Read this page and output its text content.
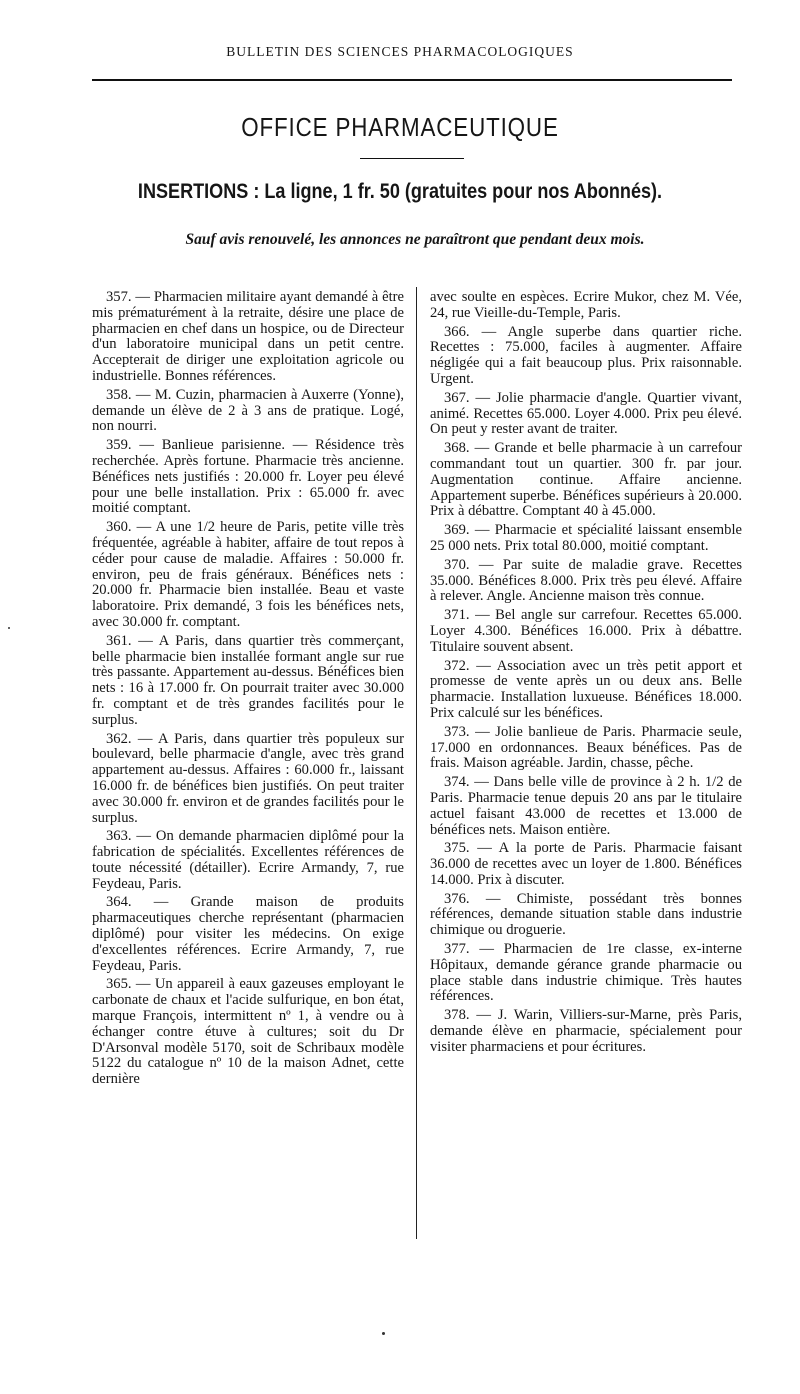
BULLETIN DES SCIENCES PHARMACOLOGIQUES
OFFICE PHARMACEUTIQUE
INSERTIONS : La ligne, 1 fr. 50 (gratuites pour nos Abonnés).
Sauf avis renouvelé, les annonces ne paraîtront que pendant deux mois.

357. — Pharmacien militaire ayant demandé à être mis prématurément à la retraite, désire une place de pharmacien en chef dans un hospice, ou de Directeur d'un laboratoire municipal dans un petit centre. Accepterait de diriger une exploitation agricole ou industrielle. Bonnes références.

358. — M. Cuzin, pharmacien à Auxerre (Yonne), demande un élève de 2 à 3 ans de pratique. Logé, non nourri.

359. — Banlieue parisienne. — Résidence très recherchée. Après fortune. Pharmacie très ancienne. Bénéfices nets justifiés : 20.000 fr. Loyer peu élevé pour une belle installation. Prix : 65.000 fr. avec moitié comptant.

360. — A une 1/2 heure de Paris, petite ville très fréquentée, agréable à habiter, affaire de tout repos à céder pour cause de maladie. Affaires : 50.000 fr. environ, peu de frais généraux. Bénéfices nets : 20.000 fr. Pharmacie bien installée. Beau et vaste laboratoire. Prix demandé, 3 fois les bénéfices nets, avec 30.000 fr. comptant.

361. — A Paris, dans quartier très commerçant, belle pharmacie bien installée formant angle sur rue très passante. Appartement au-dessus. Bénéfices bien nets : 16 à 17.000 fr. On pourrait traiter avec 30.000 fr. comptant et de très grandes facilités pour le surplus.

362. — A Paris, dans quartier très populeux sur boulevard, belle pharmacie d'angle, avec très grand appartement au-dessus. Affaires : 60.000 fr., laissant 16.000 fr. de bénéfices bien justifiés. On peut traiter avec 30.000 fr. environ et de grandes facilités pour le surplus.

363. — On demande pharmacien diplômé pour la fabrication de spécialités. Excellentes références de toute nécessité (détailler). Ecrire Armandy, 7, rue Feydeau, Paris.

364. — Grande maison de produits pharmaceutiques cherche représentant (pharmacien diplômé) pour visiter les médecins. On exige d'excellentes références. Ecrire Armandy, 7, rue Feydeau, Paris.

365. — Un appareil à eaux gazeuses employant le carbonate de chaux et l'acide sulfurique, en bon état, marque François, intermittent nº 1, à vendre ou à échanger contre étuve à cultures; soit du Dr D'Arsonval modèle 5170, soit de Schribaux modèle 5122 du catalogue nº 10 de la maison Adnet, cette dernière

avec soulte en espèces. Ecrire Mukor, chez M. Vée, 24, rue Vieille-du-Temple, Paris.

366. — Angle superbe dans quartier riche. Recettes : 75.000, faciles à augmenter. Affaire négligée qui a fait beaucoup plus. Prix raisonnable. Urgent.

367. — Jolie pharmacie d'angle. Quartier vivant, animé. Recettes 65.000. Loyer 4.000. Prix peu élevé. On peut y rester avant de traiter.

368. — Grande et belle pharmacie à un carrefour commandant tout un quartier. 300 fr. par jour. Augmentation continue. Affaire ancienne. Appartement superbe. Bénéfices supérieurs à 20.000. Prix à débattre. Comptant 40 à 45.000.

369. — Pharmacie et spécialité laissant ensemble 25 000 nets. Prix total 80.000, moitié comptant.

370. — Par suite de maladie grave. Recettes 35.000. Bénéfices 8.000. Prix très peu élevé. Affaire à relever. Angle. Ancienne maison très connue.

371. — Bel angle sur carrefour. Recettes 65.000. Loyer 4.300. Bénéfices 16.000. Prix à débattre. Titulaire souvent absent.

372. — Association avec un très petit apport et promesse de vente après un ou deux ans. Belle pharmacie. Installation luxueuse. Bénéfices 18.000. Prix calculé sur les bénéfices.

373. — Jolie banlieue de Paris. Pharmacie seule, 17.000 en ordonnances. Beaux bénéfices. Pas de frais. Maison agréable. Jardin, chasse, pêche.

374. — Dans belle ville de province à 2 h. 1/2 de Paris. Pharmacie tenue depuis 20 ans par le titulaire actuel faisant 43.000 de recettes et 13.000 de bénéfices nets. Maison entière.

375. — A la porte de Paris. Pharmacie faisant 36.000 de recettes avec un loyer de 1.800. Bénéfices 14.000. Prix à discuter.

376. — Chimiste, possédant très bonnes références, demande situation stable dans industrie chimique ou droguerie.

377. — Pharmacien de 1re classe, ex-interne Hôpitaux, demande gérance grande pharmacie ou place stable dans industrie chimique. Très hautes références.

378. — J. Warin, Villiers-sur-Marne, près Paris, demande élève en pharmacie, spécialement pour visiter pharmaciens et pour écritures.
